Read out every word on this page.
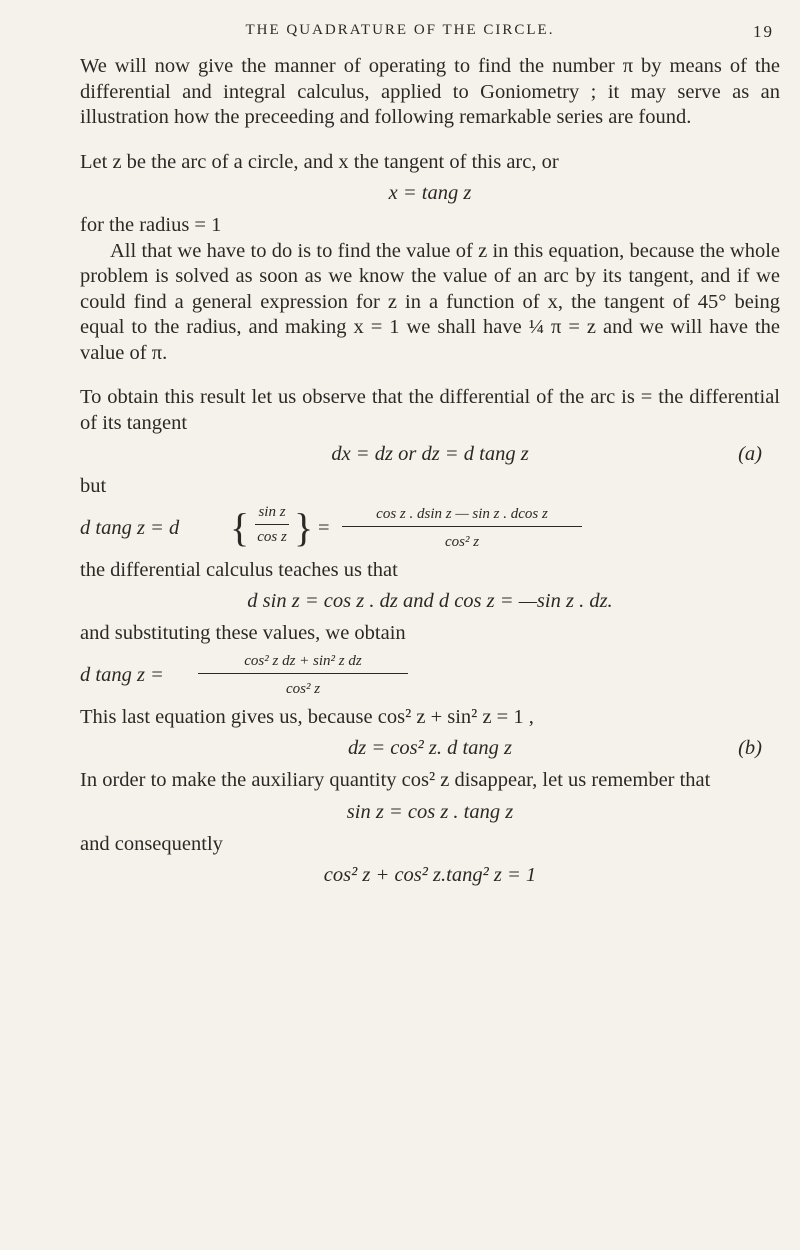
THE QUADRATURE OF THE CIRCLE.	19

We will now give the manner of operating to find the number π by means of the differential and integral calculus, applied to Goniometry ; it may serve as an illustration how the preceeding and following remarkable series are found.

Let z be the arc of a circle, and x the tangent of this arc, or

x = tang z

for the radius = 1

All that we have to do is to find the value of z in this equation, because the whole problem is solved as soon as we know the value of an arc by its tangent, and if we could find a general expression for z in a function of x, the tangent of 45° being equal to the radius, and making x = 1 we shall have ¼ π = z and we will have the value of π.

To obtain this result let us observe that the differential of the arc is = the differential of its tangent

dx = dz or dz = d tang z	(a)

but

d tang z = d { sin z
cos z } =
cos z . dsin z — sin z . dcos z
cos² z

the differential calculus teaches us that

d sin z = cos z . dz and d cos z = —sin z . dz.

and substituting these values, we obtain

d tang z =
cos² z dz + sin² z dz
cos² z

This last equation gives us, because cos² z + sin² z = 1 ,

dz = cos² z. d tang z	(b)

In order to make the auxiliary quantity cos² z disappear, let us remember that

sin z = cos z . tang z

and consequently

cos² z + cos² z.tang² z = 1
